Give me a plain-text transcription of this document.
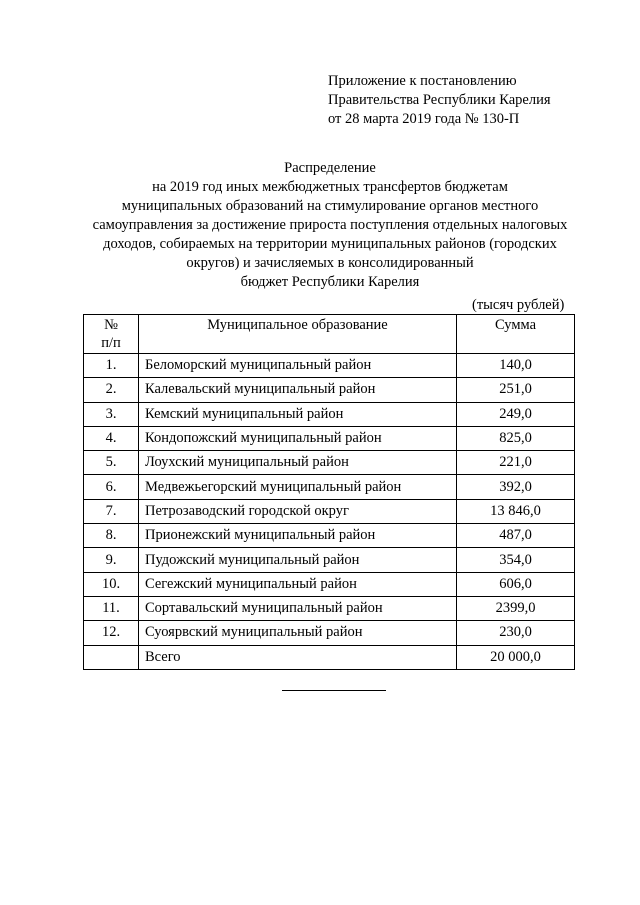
Приложение к постановлению
Правительства Республики Карелия
от 28 марта 2019 года № 130-П
Распределение
на 2019 год иных межбюджетных трансфертов бюджетам
муниципальных образований на стимулирование органов местного
самоуправления за достижение прироста поступления отдельных налоговых
доходов, собираемых на территории муниципальных районов (городских
округов) и зачисляемых в консолидированный
бюджет Республики Карелия
(тысяч рублей)
№
п/п	Муниципальное образование	Сумма
1.	Беломорский муниципальный район	140,0
2.	Калевальский муниципальный район	251,0
3.	Кемский муниципальный район	249,0
4.	Кондопожский муниципальный район	825,0
5.	Лоухский муниципальный район	221,0
6.	Медвежьегорский муниципальный район	392,0
7.	Петрозаводский городской округ	13 846,0
8.	Прионежский муниципальный район	487,0
9.	Пудожский муниципальный район	354,0
10.	Сегежский муниципальный район	606,0
11.	Сортавальский муниципальный район	2399,0
12.	Суоярвский муниципальный район	230,0
	Всего	20 000,0
